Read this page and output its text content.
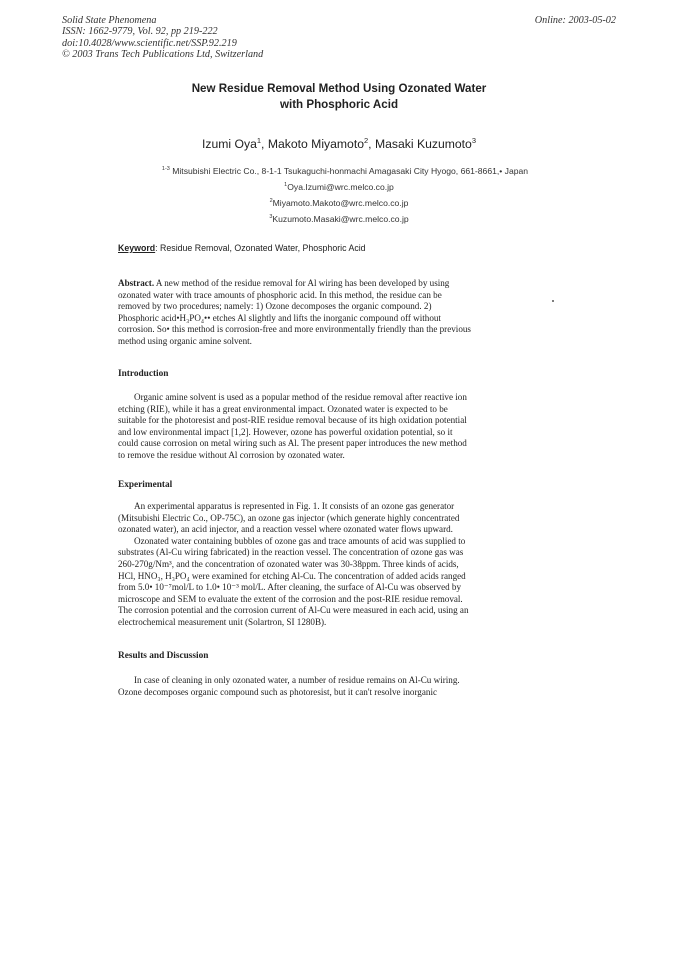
Solid State Phenomena
ISSN: 1662-9779, Vol. 92, pp 219-222
doi:10.4028/www.scientific.net/SSP.92.219
© 2003 Trans Tech Publications Ltd, Switzerland
Online: 2003-05-02
New Residue Removal Method Using Ozonated Water
with Phosphoric Acid
Izumi Oya$^1$, Makoto Miyamoto$^2$, Masaki Kuzumoto$^3$
$^{1-3}$ Mitsubishi Electric Co., 8-1-1 Tsukaguchi-honmachi Amagasaki City Hyogo, 661-8661,• Japan
$^1$Oya.Izumi@wrc.melco.co.jp
$^2$Miyamoto.Makoto@wrc.melco.co.jp
$^3$Kuzumoto.Masaki@wrc.melco.co.jp
Keyword: Residue Removal, Ozonated Water, Phosphoric Acid
Abstract. A new method of the residue removal for Al wiring has been developed by using
ozonated water with trace amounts of phosphoric acid. In this method, the residue can be
removed by two procedures; namely: 1) Ozone decomposes the organic compound. 2)
Phosphoric acid•H₃PO₄•• etches Al slightly and lifts the inorganic compound off without
corrosion. So• this method is corrosion-free and more environmentally friendly than the previous
method using organic amine solvent.
Introduction
Organic amine solvent is used as a popular method of the residue removal after reactive ion
etching (RIE), while it has a great environmental impact. Ozonated water is expected to be
suitable for the photoresist and post-RIE residue removal because of its high oxidation potential
and low environmental impact [1,2]. However, ozone has powerful oxidation potential, so it
could cause corrosion on metal wiring such as Al. The present paper introduces the new method
to remove the residue without Al corrosion by ozonated water.
Experimental
An experimental apparatus is represented in Fig. 1. It consists of an ozone gas generator
(Mitsubishi Electric Co., OP-75C), an ozone gas injector (which generate highly concentrated
ozonated water), an acid injector, and a reaction vessel where ozonated water flows upward.
Ozonated water containing bubbles of ozone gas and trace amounts of acid was supplied to
substrates (Al-Cu wiring fabricated) in the reaction vessel. The concentration of ozone gas was
260-270g/Nm³, and the concentration of ozonated water was 30-38ppm. Three kinds of acids,
HCl, HNO₃, H₃PO₄ were examined for etching Al-Cu. The concentration of added acids ranged
from 5.0• 10⁻⁷mol/L to 1.0• 10⁻³ mol/L. After cleaning, the surface of Al-Cu was observed by
microscope and SEM to evaluate the extent of the corrosion and the post-RIE residue removal.
The corrosion potential and the corrosion current of Al-Cu were measured in each acid, using an
electrochemical measurement unit (Solartron, SI 1280B).
Results and Discussion
In case of cleaning in only ozonated water, a number of residue remains on Al-Cu wiring.
Ozone decomposes organic compound such as photoresist, but it can't resolve inorganic
